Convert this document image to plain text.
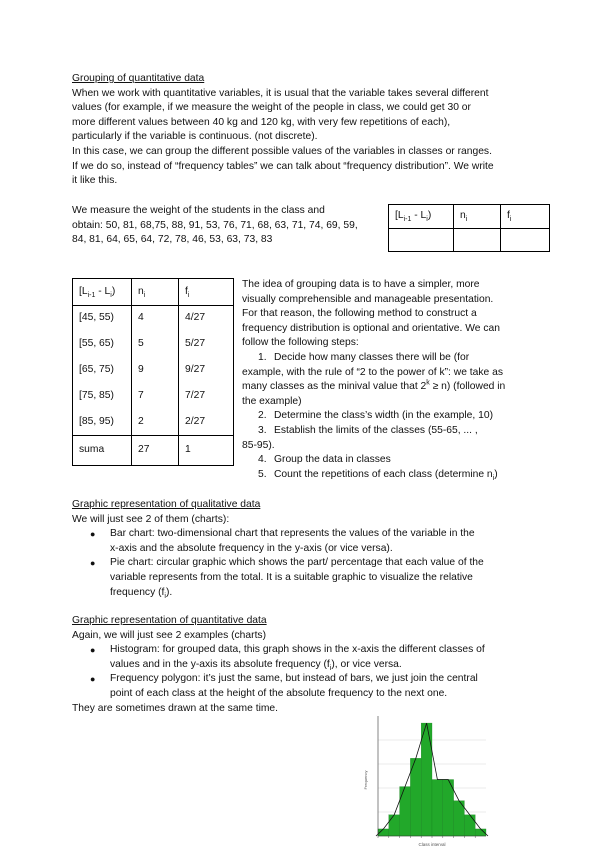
Grouping of quantitative data

When we work with quantitative variables, it is usual that the variable takes several different

values (for example, if we measure the weight of the people in class, we could get 30 or

more different values between 40 kg and 120 kg, with very few repetitions of each),

particularly if the variable is continuous. (not discrete).

In this case, we can group the different possible values of the variables in classes or ranges.

If we do so, instead of “frequency tables” we can talk about “frequency distribution”. We write

it like this.

We measure the weight of the students in the class and

obtain: 50, 81, 68,75, 88, 91, 53, 76, 71, 68, 63, 71, 74, 69, 59,

84, 81, 64, 65, 64, 72, 78, 46, 53, 63, 73, 83

$[L_{i-1} - L_i)$	$n_i$	$f_i$

$[L_{i-1} - L_i)$	$n_i$	$f_i$
[45, 55)	4	4/27
[55, 65)	5	5/27
[65, 75)	9	9/27
[75, 85)	7	7/27
[85, 95)	2	2/27
suma	27	1

The idea of grouping data is to have a simpler, more

visually comprehensible and manageable presentation.

For that reason, the following method to construct a

frequency distribution is optional and orientative. We can

follow the following steps:

1. Decide how many classes there will be (for

example, with the rule of “2 to the power of k”: we take as

many classes as the minival value that $2^k \ge n$) (followed in

the example)

2. Determine the class’s width (in the example, 10)

3. Establish the limits of the classes (55-65, ... ,

85-95).

4. Group the data in classes

5. Count the repetitions of each class (determine $n_i$)

Graphic representation of qualitative data

We will just see 2 of them (charts):

● Bar chart: two-dimensional chart that represents the values of the variable in the

x-axis and the absolute frequency in the y-axis (or vice versa).

● Pie chart: circular graphic which shows the part/ percentage that each value of the

variable represents from the total. It is a suitable graphic to visualize the relative

frequency $(f_i)$.

Graphic representation of quantitative data

Again, we will just see 2 examples (charts)

● Histogram: for grouped data, this graph shows in the x-axis the different classes of

values and in the y-axis its absolute frequency $(f_i)$, or vice versa.

● Frequency polygon: it’s just the same, but instead of bars, we just join the central

point of each class at the height of the absolute frequency to the next one.

They are sometimes drawn at the same time.

Frequency
Class interval
